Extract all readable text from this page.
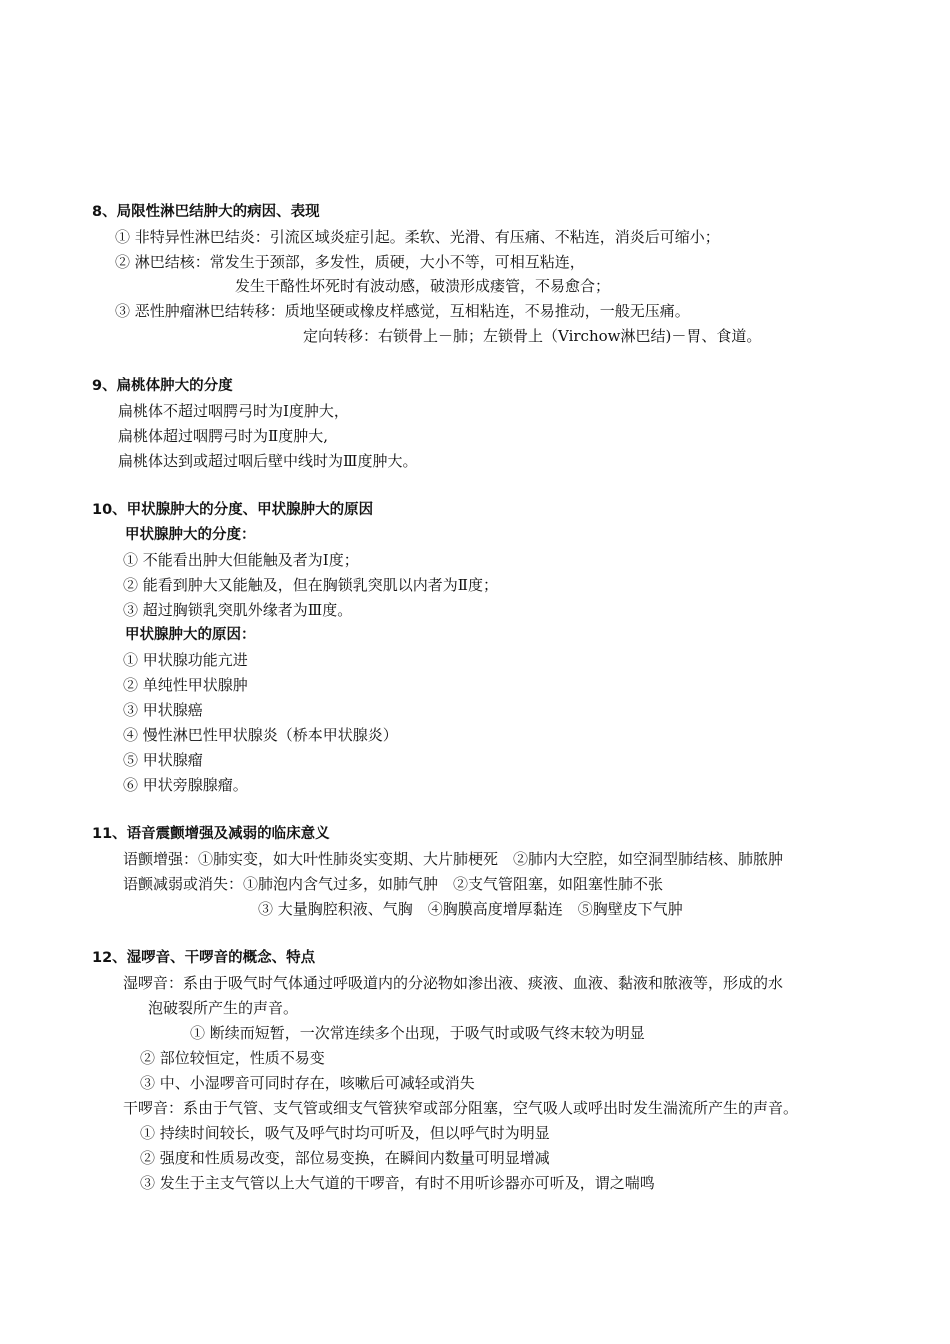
8、局限性淋巴结肿大的病因、表现
① 非特异性淋巴结炎：引流区域炎症引起。柔软、光滑、有压痛、不粘连，消炎后可缩小；
② 淋巴结核：常发生于颈部，多发性，质硬，大小不等，可相互粘连，
发生干酪性坏死时有波动感，破溃形成瘘管，不易愈合；
③ 恶性肿瘤淋巴结转移：质地坚硬或橡皮样感觉，互相粘连，不易推动，一般无压痛。
定向转移：右锁骨上－肺；左锁骨上（Virchow淋巴结)－胃、食道。
9、扁桃体肿大的分度
扁桃体不超过咽腭弓时为Ⅰ度肿大，
扁桃体超过咽腭弓时为Ⅱ度肿大,
扁桃体达到或超过咽后壁中线时为Ⅲ度肿大。
10、甲状腺肿大的分度、甲状腺肿大的原因
甲状腺肿大的分度：
① 不能看出肿大但能触及者为Ⅰ度；
② 能看到肿大又能触及，但在胸锁乳突肌以内者为Ⅱ度；
③ 超过胸锁乳突肌外缘者为Ⅲ度。
甲状腺肿大的原因：
① 甲状腺功能亢进
② 单纯性甲状腺肿
③ 甲状腺癌
④ 慢性淋巴性甲状腺炎（桥本甲状腺炎）
⑤ 甲状腺瘤
⑥ 甲状旁腺腺瘤。
11、语音震颤增强及减弱的临床意义
语颤增强：①肺实变，如大叶性肺炎实变期、大片肺梗死　②肺内大空腔，如空洞型肺结核、肺脓肿
语颤减弱或消失：①肺泡内含气过多，如肺气肿　②支气管阻塞，如阻塞性肺不张
③ 大量胸腔积液、气胸　④胸膜高度增厚黏连　⑤胸壁皮下气肿
12、湿啰音、干啰音的概念、特点
湿啰音：系由于吸气时气体通过呼吸道内的分泌物如渗出液、痰液、血液、黏液和脓液等，形成的水
泡破裂所产生的声音。
① 断续而短暂，一次常连续多个出现，于吸气时或吸气终末较为明显
② 部位较恒定，性质不易变
③ 中、小湿啰音可同时存在，咳嗽后可减轻或消失
干啰音：系由于气管、支气管或细支气管狭窄或部分阻塞，空气吸人或呼出时发生湍流所产生的声音。
① 持续时间较长，吸气及呼气时均可听及，但以呼气时为明显
② 强度和性质易改变，部位易变换，在瞬间内数量可明显增减
③ 发生于主支气管以上大气道的干啰音，有时不用听诊器亦可听及，谓之喘鸣
